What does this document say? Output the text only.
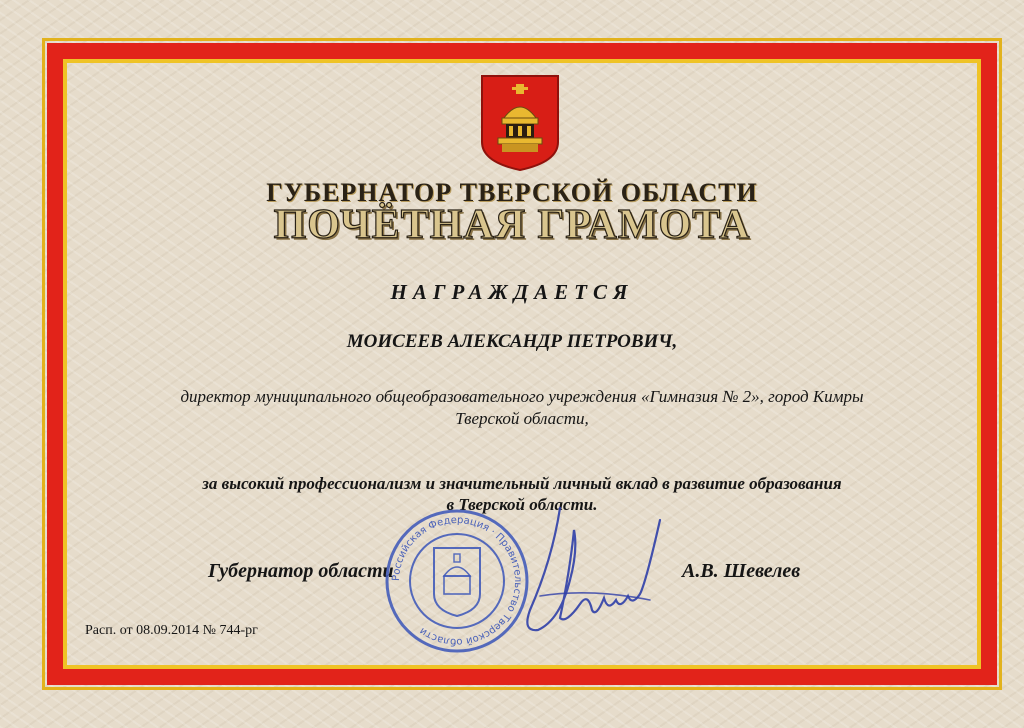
ГУБЕРНАТОР ТВЕРСКОЙ ОБЛАСТИ
ПОЧЁТНАЯ ГРАМОТА
НАГРАЖДАЕТСЯ
МОИСЕЕВ АЛЕКСАНДР ПЕТРОВИЧ,
директор муниципального общеобразовательного учреждения «Гимназия № 2», город Кимры
Тверской области,
за высокий профессионализм и значительный личный вклад в развитие образования
в Тверской области.
Губернатор области	А.В. Шевелев
Расп. от 08.09.2014 № 744-рг
Российская Федерация · Правительство Тверской области
